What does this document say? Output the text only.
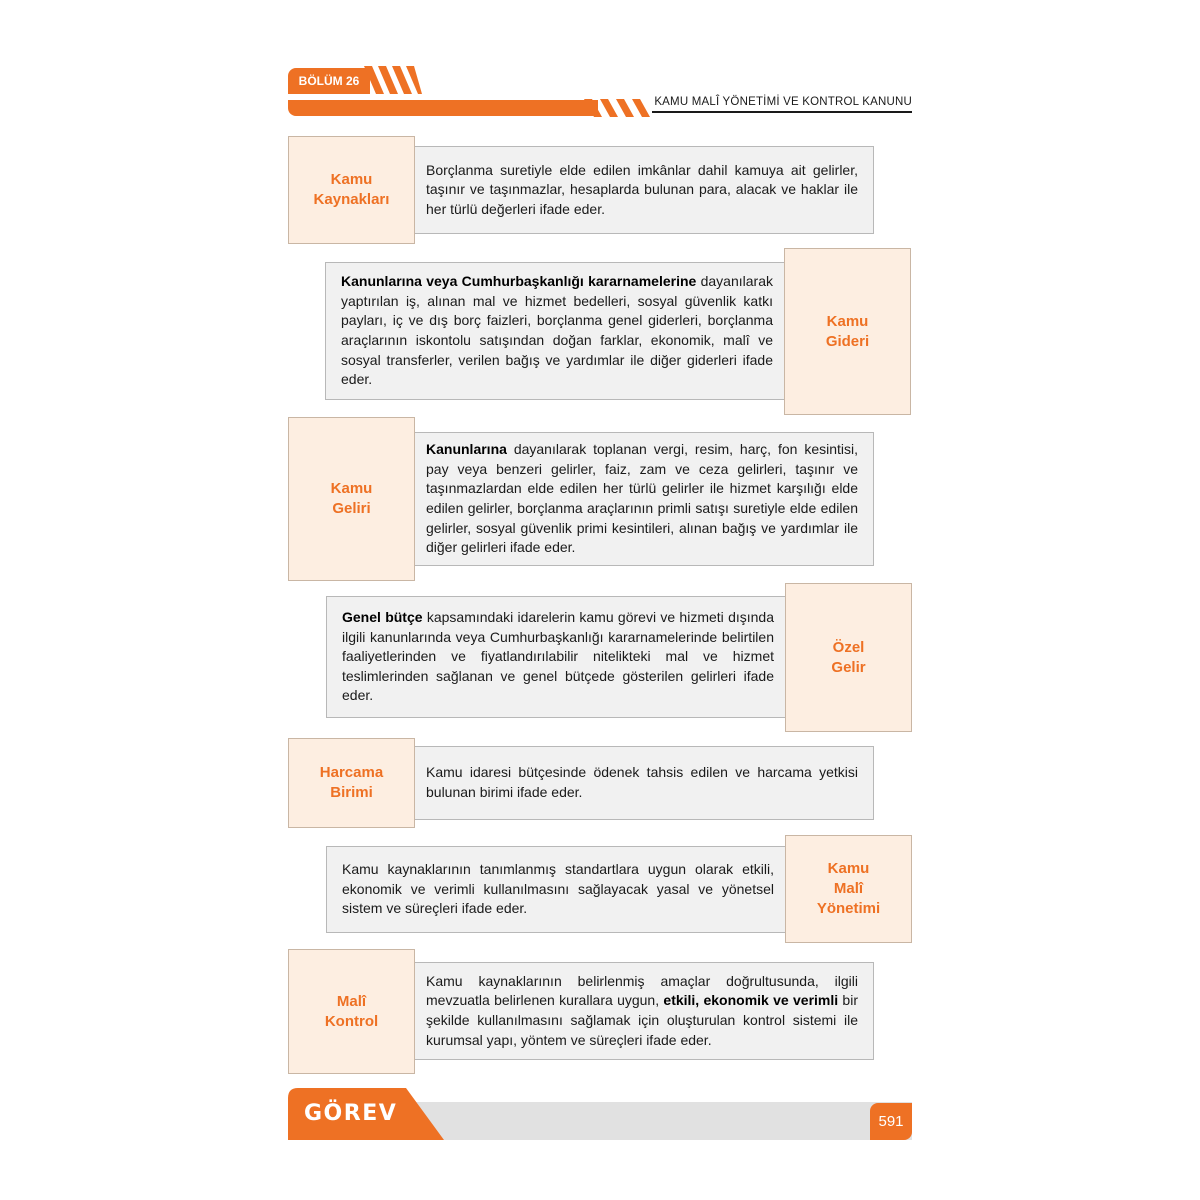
BÖLÜM 26
KAMU MALÎ YÖNETİMİ VE KONTROL KANUNU

Borçlanma suretiyle elde edilen imkânlar dahil kamuya ait gelirler, taşınır ve taşınmazlar, hesaplarda bulunan para, alacak ve haklar ile her türlü değerleri ifade eder.

Kamu
Kaynakları

Kanunlarına veya Cumhurbaşkanlığı kararnamelerine dayanılarak yaptırılan iş, alınan mal ve hizmet bedelleri, sosyal güvenlik katkı payları, iç ve dış borç faizleri, borçlanma genel giderleri, borçlanma araçlarının iskontolu satışından doğan farklar, ekonomik, malî ve sosyal transferler, verilen bağış ve yardımlar ile diğer giderleri ifade eder.

Kamu
Gideri

Kanunlarına dayanılarak toplanan vergi, resim, harç, fon kesintisi, pay veya benzeri gelirler, faiz, zam ve ceza gelirleri, taşınır ve taşınmazlardan elde edilen her türlü gelirler ile hizmet karşılığı elde edilen gelirler, borçlanma araçlarının primli satışı suretiyle elde edilen gelirler, sosyal güvenlik primi kesintileri, alınan bağış ve yardımlar ile diğer gelirleri ifade eder.

Kamu
Geliri

Genel bütçe kapsamındaki idarelerin kamu görevi ve hizmeti dışında ilgili kanunlarında veya Cumhurbaşkanlığı kararnamelerinde belirtilen faaliyetlerinden ve fiyatlandırılabilir nitelikteki mal ve hizmet teslimlerinden sağlanan ve genel bütçede gösterilen gelirleri ifade eder.

Özel
Gelir

Kamu idaresi bütçesinde ödenek tahsis edilen ve harcama yetkisi bulunan birimi ifade eder.

Harcama
Birimi

Kamu kaynaklarının tanımlanmış standartlara uygun olarak etkili, ekonomik ve verimli kullanılmasını sağlayacak yasal ve yönetsel sistem ve süreçleri ifade eder.

Kamu
Malî
Yönetimi

Kamu kaynaklarının belirlenmiş amaçlar doğrultusunda, ilgili mevzuatla belirlenen kurallara uygun, etkili, ekonomik ve verimli bir şekilde kullanılmasını sağlamak için oluşturulan kontrol sistemi ile kurumsal yapı, yöntem ve süreçleri ifade eder.

Malî
Kontrol
GÖREV	591
